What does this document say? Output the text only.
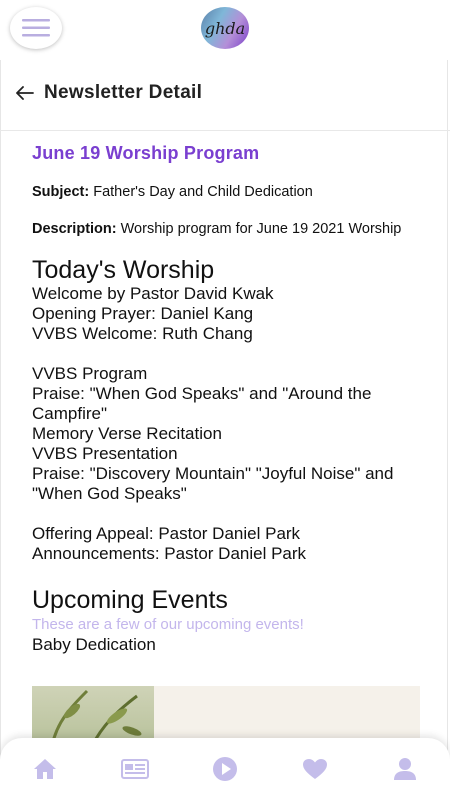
ghda
Newsletter Detail
June 19 Worship Program
Subject: Father's Day and Child Dedication
Description: Worship program for June 19 2021 Worship
Today's Worship
Welcome by Pastor David Kwak
Opening Prayer: Daniel Kang
VVBS Welcome: Ruth Chang
VVBS Program
Praise: "When God Speaks" and "Around the Campfire"
Memory Verse Recitation
VVBS Presentation
Praise: "Discovery Mountain" "Joyful Noise" and "When God Speaks"
Offering Appeal: Pastor Daniel Park
Announcements: Pastor Daniel Park
Upcoming Events
These are a few of our upcoming events!
Baby Dedication
